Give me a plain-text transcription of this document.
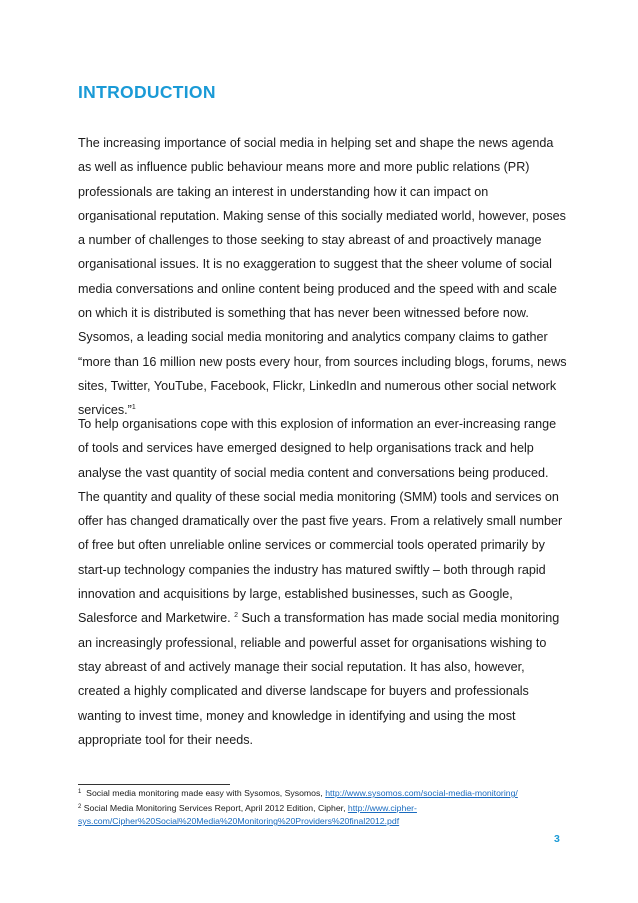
INTRODUCTION

The increasing importance of social media in helping set and shape the news agenda as well as influence public behaviour means more and more public relations (PR) professionals are taking an interest in understanding how it can impact on organisational reputation. Making sense of this socially mediated world, however, poses a number of challenges to those seeking to stay abreast of and proactively manage organisational issues. It is no exaggeration to suggest that the sheer volume of social media conversations and online content being produced and the speed with and scale on which it is distributed is something that has never been witnessed before now. Sysomos, a leading social media monitoring and analytics company claims to gather “more than 16 million new posts every hour, from sources including blogs, forums, news sites, Twitter, YouTube, Facebook, Flickr, LinkedIn and numerous other social network services.”$^1$

To help organisations cope with this explosion of information an ever-increasing range of tools and services have emerged designed to help organisations track and help analyse the vast quantity of social media content and conversations being produced. The quantity and quality of these social media monitoring (SMM) tools and services on offer has changed dramatically over the past five years. From a relatively small number of free but often unreliable online services or commercial tools operated primarily by start-up technology companies the industry has matured swiftly – both through rapid innovation and acquisitions by large, established businesses, such as Google, Salesforce and Marketwire. $^2$ Such a transformation has made social media monitoring an increasingly professional, reliable and powerful asset for organisations wishing to stay abreast of and actively manage their social reputation. It has also, however, created a highly complicated and diverse landscape for buyers and professionals wanting to invest time, money and knowledge in identifying and using the most appropriate tool for their needs.

$^1$ Social media monitoring made easy with Sysomos, Sysomos, http://www.sysomos.com/social-media-monitoring/

$^2$ Social Media Monitoring Services Report, April 2012 Edition, Cipher, http://www.cipher-sys.com/Cipher%20Social%20Media%20Monitoring%20Providers%20final2012.pdf

3
